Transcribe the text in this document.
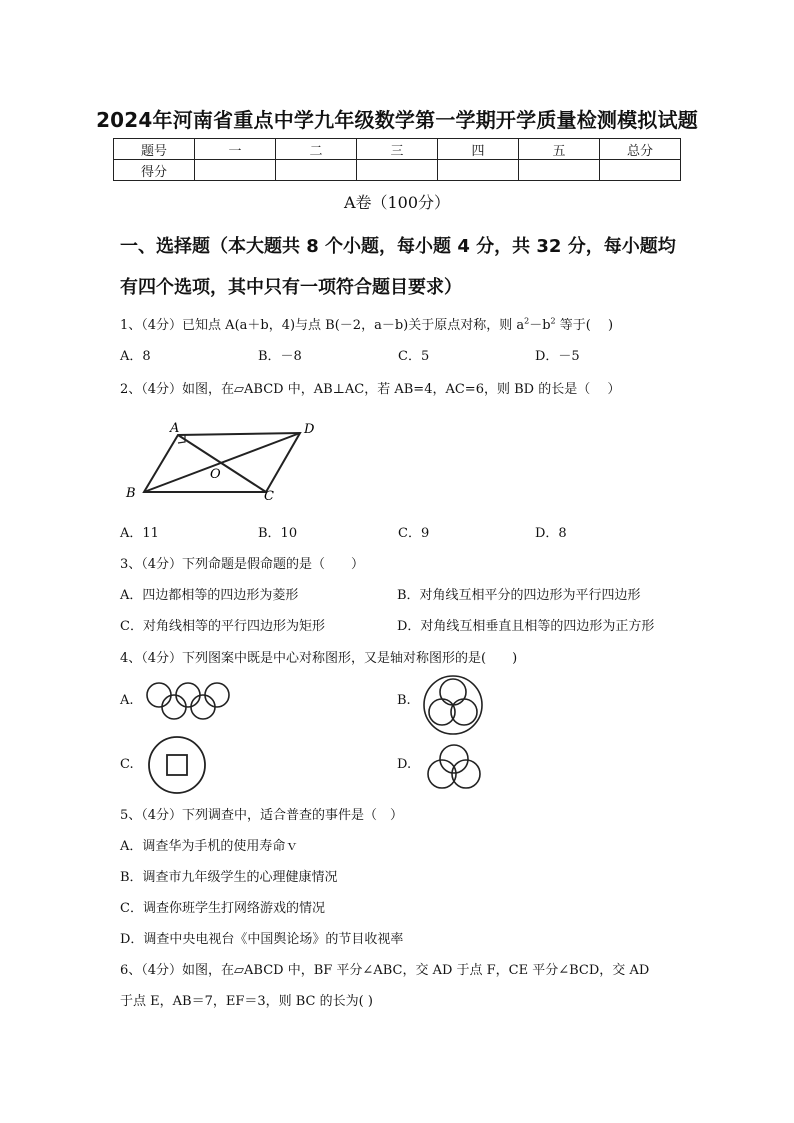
2024年河南省重点中学九年级数学第一学期开学质量检测模拟试题
题号	一	二	三	四	五	总分
得分						
A卷（100分）
一、选择题（本大题共 8 个小题，每小题 4 分，共 32 分，每小题均
有四个选项，其中只有一项符合题目要求）
1、（4分）已知点 A(a＋b，4)与点 B(－2，a－b)关于原点对称，则 $a^2-b^2$ 等于(　 )
A．8	B．－8	C．5	D．－5
2、（4分）如图，在▱ABCD 中，AB⊥AC，若 AB=4，AC=6，则 BD 的长是（　 ）
A
B	C
D
O
A．11	B．10	C．9	D．8
3、（4分）下列命题是假命题的是（　　）
A．四边都相等的四边形为菱形	B．对角线互相平分的四边形为平行四边形
C．对角线相等的平行四边形为矩形	D．对角线互相垂直且相等的四边形为正方形
4、（4分）下列图案中既是中心对称图形，又是轴对称图形的是(　　)
A.	B.
C.	D.
5、（4分）下列调查中，适合普查的事件是（　）
A．调查华为手机的使用寿命ｖ
B．调查市九年级学生的心理健康情况
C．调查你班学生打网络游戏的情况
D．调查中央电视台《中国舆论场》的节目收视率
6、（4分）如图，在▱ABCD 中，BF 平分∠ABC，交 AD 于点 F，CE 平分∠BCD，交 AD
于点 E，AB＝7，EF＝3，则 BC 的长为( )
